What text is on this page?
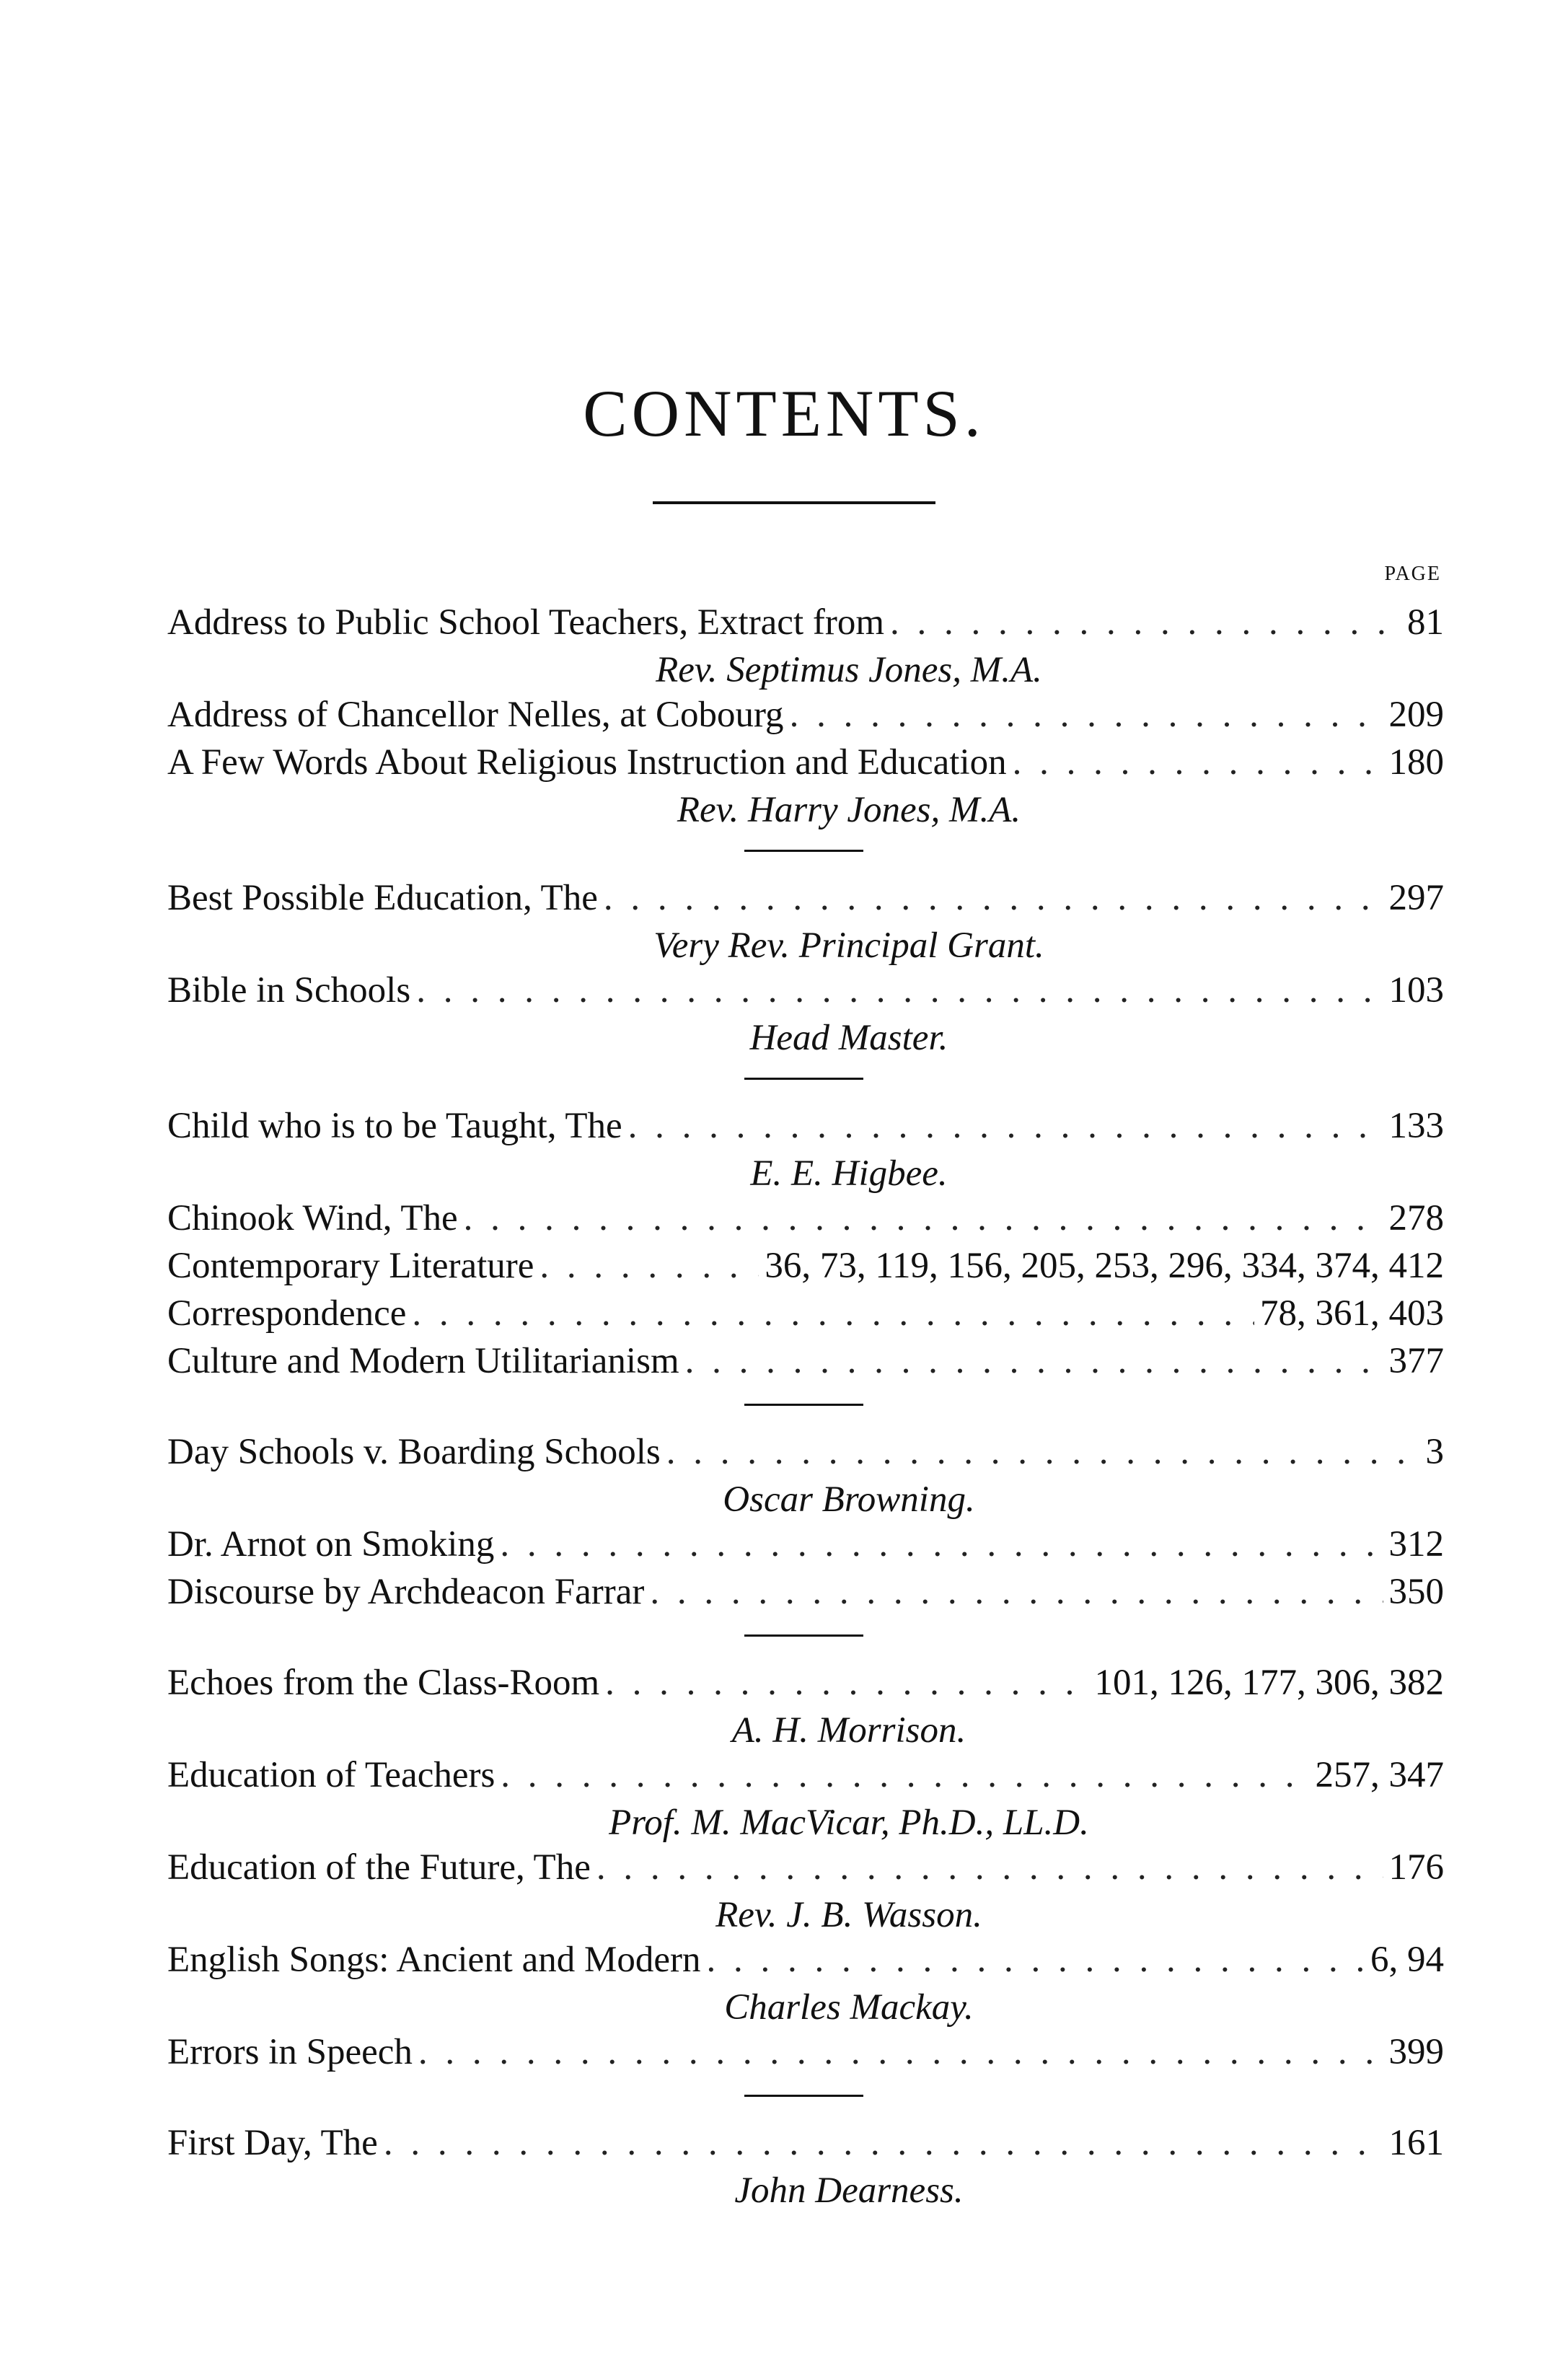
CONTENTS.
PAGE
Address to Public School Teachers, Extract from . . .	81
Rev. Septimus Jones, M.A.
Address of Chancellor Nelles, at Cobourg . . .	209
A Few Words About Religious Instruction and Education . . .	180
Rev. Harry Jones, M.A.
Best Possible Education, The . . .	297
Very Rev. Principal Grant.
Bible in Schools . . .	103
Head Master.
Child who is to be Taught, The . . .	133
E. E. Higbee.
Chinook Wind, The . . .	278
Contemporary Literature . . .	36, 73, 119, 156, 205, 253, 296, 334, 374, 412
Correspondence . . .	78, 361, 403
Culture and Modern Utilitarianism . . .	377
Day Schools v. Boarding Schools . . .	3
Oscar Browning.
Dr. Arnot on Smoking . . .	312
Discourse by Archdeacon Farrar . . .	350
Echoes from the Class-Room . . .	101, 126, 177, 306, 382
A. H. Morrison.
Education of Teachers . . .	257, 347
Prof. M. MacVicar, Ph.D., LL.D.
Education of the Future, The . . .	176
Rev. J. B. Wasson.
English Songs: Ancient and Modern . . .	6, 94
Charles Mackay.
Errors in Speech . . .	399
First Day, The . . .	161
John Dearness.
